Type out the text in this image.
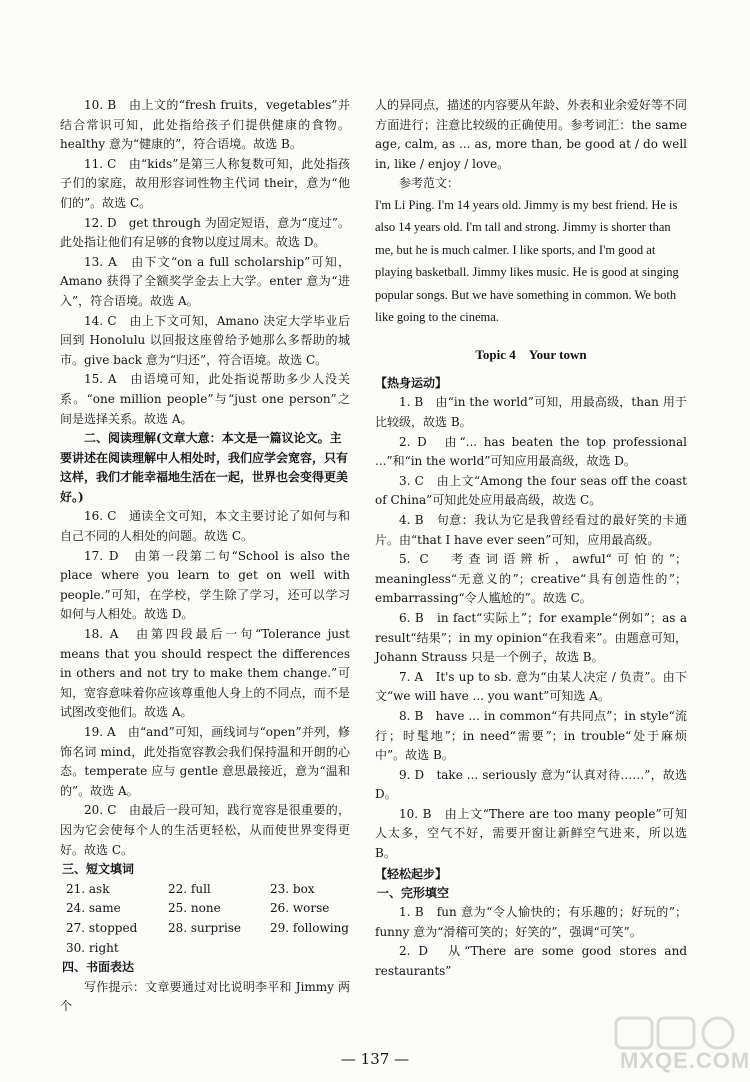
10. B　由上文的“fresh fruits，vegetables”并结合常识可知，此处指给孩子们提供健康的食物。healthy 意为“健康的”，符合语境。故选 B。

11. C　由“kids”是第三人称复数可知，此处指孩子们的家庭，故用形容词性物主代词 their，意为“他们的”。故选 C。

12. D　get through 为固定短语，意为“度过”。此处指让他们有足够的食物以度过周末。故选 D。

13. A　由下文“on a full scholarship”可知，Amano 获得了全额奖学金去上大学。enter 意为“进入”，符合语境。故选 A。

14. C　由上下文可知，Amano 决定大学毕业后回到 Honolulu 以回报这座曾给予她那么多帮助的城市。give back 意为“归还”，符合语境。故选 C。

15. A　由语境可知，此处指说帮助多少人没关系。“one million people”与“just one person”之间是选择关系。故选 A。

二、阅读理解(文章大意：本文是一篇议论文。主要讲述在阅读理解中人相处时，我们应学会宽容，只有这样，我们才能幸福地生活在一起，世界也会变得更美好。)

16. C　通读全文可知，本文主要讨论了如何与和自己不同的人相处的问题。故选 C。

17. D　由第一段第二句“School is also the place where you learn to get on well with people.”可知，在学校，学生除了学习，还可以学习如何与人相处。故选 D。

18. A　由第四段最后一句“Tolerance just means that you should respect the differences in others and not try to make them change.”可知，宽容意味着你应该尊重他人身上的不同点，而不是试图改变他们。故选 A。

19. A　由“and”可知，画线词与“open”并列，修饰名词 mind，此处指宽容教会我们保持温和开朗的心态。temperate 应与 gentle 意思最接近，意为“温和的”。故选 A。

20. C　由最后一段可知，践行宽容是很重要的，因为它会使每个人的生活更轻松，从而使世界变得更好。故选 C。

三、短文填词

21. ask	22. full	23. box
24. same	25. none	26. worse
27. stopped	28. surprise	29. following
30. right

四、书面表达

写作提示：文章要通过对比说明李平和 Jimmy 两个

人的异同点，描述的内容要从年龄、外表和业余爱好等不同方面进行；注意比较级的正确使用。参考词汇：the same age, calm, as ... as, more than, be good at / do well in, like / enjoy / love。

参考范文：

I'm Li Ping. I'm 14 years old. Jimmy is my best friend. He is also 14 years old. I'm tall and strong. Jimmy is shorter than me, but he is much calmer. I like sports, and I'm good at playing basketball. Jimmy likes music. He is good at singing popular songs. But we have something in common. We both like going to the cinema.

Topic 4　Your town

【热身运动】

1. B　由“in the world”可知，用最高级，than 用于比较级，故选 B。

2. D　由“... has beaten the top professional ...”和“in the world”可知应用最高级，故选 D。

3. C　由上文“Among the four seas off the coast of China”可知此处应用最高级，故选 C。

4. B　句意：我认为它是我曾经看过的最好笑的卡通片。由“that I have ever seen”可知，应用最高级。

5. C　考查词语辨析，awful“可怕的”；meaningless“无意义的”；creative“具有创造性的”；embarrassing“令人尴尬的”。故选 C。

6. B　in fact“实际上”；for example“例如”；as a result“结果”；in my opinion“在我看来”。由题意可知，Johann Strauss 只是一个例子，故选 B。

7. A　It's up to sb. 意为“由某人决定 / 负责”。由下文“we will have ... you want”可知选 A。

8. B　have ... in common“有共同点”；in style“流行；时髦地”；in need“需要”；in trouble“处于麻烦中”。故选 B。

9. D　take ... seriously 意为“认真对待……”，故选 D。

10. B　由上文“There are too many people”可知人太多，空气不好，需要开窗让新鲜空气进来，所以选 B。

【轻松起步】

一、完形填空

1. B　fun 意为“令人愉快的；有乐趣的；好玩的”；funny 意为“滑稽可笑的；好笑的”，强调“可笑”。

2. D　从“There are some good stores and restaurants”

— 137 —	MXQE.COM
